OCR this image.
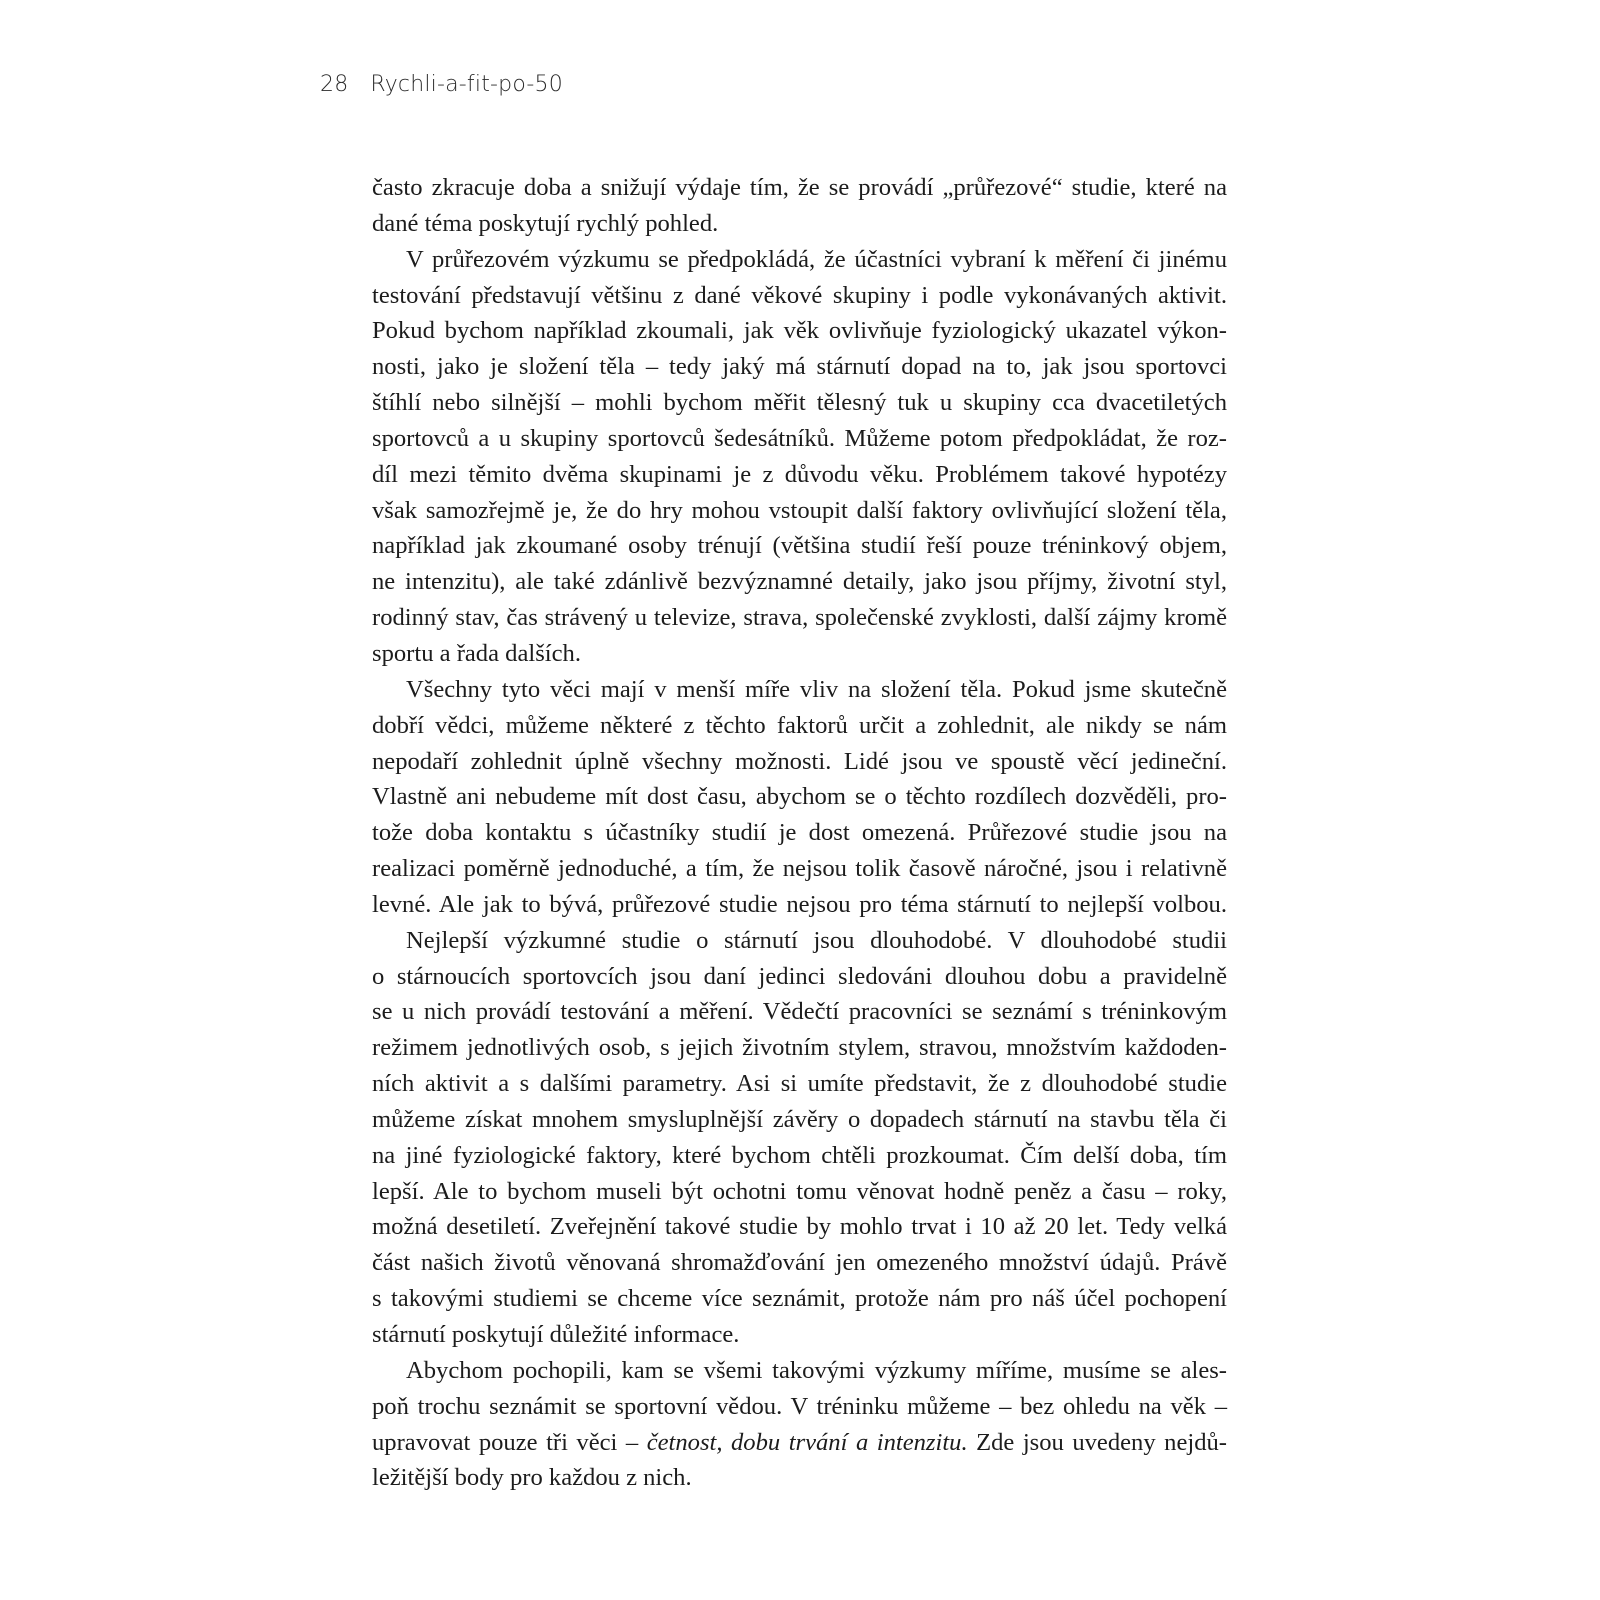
28 Rychli-a-fit-po-50
často zkracuje doba a snižují výdaje tím, že se provádí „průřezové“ studie, které na
dané téma poskytují rychlý pohled.
V průřezovém výzkumu se předpokládá, že účastníci vybraní k měření či jinému
testování představují většinu z dané věkové skupiny i podle vykonávaných aktivit.
Pokud bychom například zkoumali, jak věk ovlivňuje fyziologický ukazatel výkon-
nosti, jako je složení těla – tedy jaký má stárnutí dopad na to, jak jsou sportovci
štíhlí nebo silnější – mohli bychom měřit tělesný tuk u skupiny cca dvacetiletých
sportovců a u skupiny sportovců šedesátníků. Můžeme potom předpokládat, že roz-
díl mezi těmito dvěma skupinami je z důvodu věku. Problémem takové hypotézy
však samozřejmě je, že do hry mohou vstoupit další faktory ovlivňující složení těla,
například jak zkoumané osoby trénují (většina studií řeší pouze tréninkový objem,
ne intenzitu), ale také zdánlivě bezvýznamné detaily, jako jsou příjmy, životní styl,
rodinný stav, čas strávený u televize, strava, společenské zvyklosti, další zájmy kromě
sportu a řada dalších.
Všechny tyto věci mají v menší míře vliv na složení těla. Pokud jsme skutečně
dobří vědci, můžeme některé z těchto faktorů určit a zohlednit, ale nikdy se nám
nepodaří zohlednit úplně všechny možnosti. Lidé jsou ve spoustě věcí jedineční.
Vlastně ani nebudeme mít dost času, abychom se o těchto rozdílech dozvěděli, pro-
tože doba kontaktu s účastníky studií je dost omezená. Průřezové studie jsou na
realizaci poměrně jednoduché, a tím, že nejsou tolik časově náročné, jsou i relativně
levné. Ale jak to bývá, průřezové studie nejsou pro téma stárnutí to nejlepší volbou.
Nejlepší výzkumné studie o stárnutí jsou dlouhodobé. V dlouhodobé studii
o stárnoucích sportovcích jsou daní jedinci sledováni dlouhou dobu a pravidelně
se u nich provádí testování a měření. Vědečtí pracovníci se seznámí s tréninkovým
režimem jednotlivých osob, s jejich životním stylem, stravou, množstvím každoden-
ních aktivit a s dalšími parametry. Asi si umíte představit, že z dlouhodobé studie
můžeme získat mnohem smysluplnější závěry o dopadech stárnutí na stavbu těla či
na jiné fyziologické faktory, které bychom chtěli prozkoumat. Čím delší doba, tím
lepší. Ale to bychom museli být ochotni tomu věnovat hodně peněz a času – roky,
možná desetiletí. Zveřejnění takové studie by mohlo trvat i 10 až 20 let. Tedy velká
část našich životů věnovaná shromažďování jen omezeného množství údajů. Právě
s takovými studiemi se chceme více seznámit, protože nám pro náš účel pochopení
stárnutí poskytují důležité informace.
Abychom pochopili, kam se všemi takovými výzkumy míříme, musíme se ales-
poň trochu seznámit se sportovní vědou. V tréninku můžeme – bez ohledu na věk –
upravovat pouze tři věci – četnost, dobu trvání a intenzitu. Zde jsou uvedeny nejdů-
ležitější body pro každou z nich.
